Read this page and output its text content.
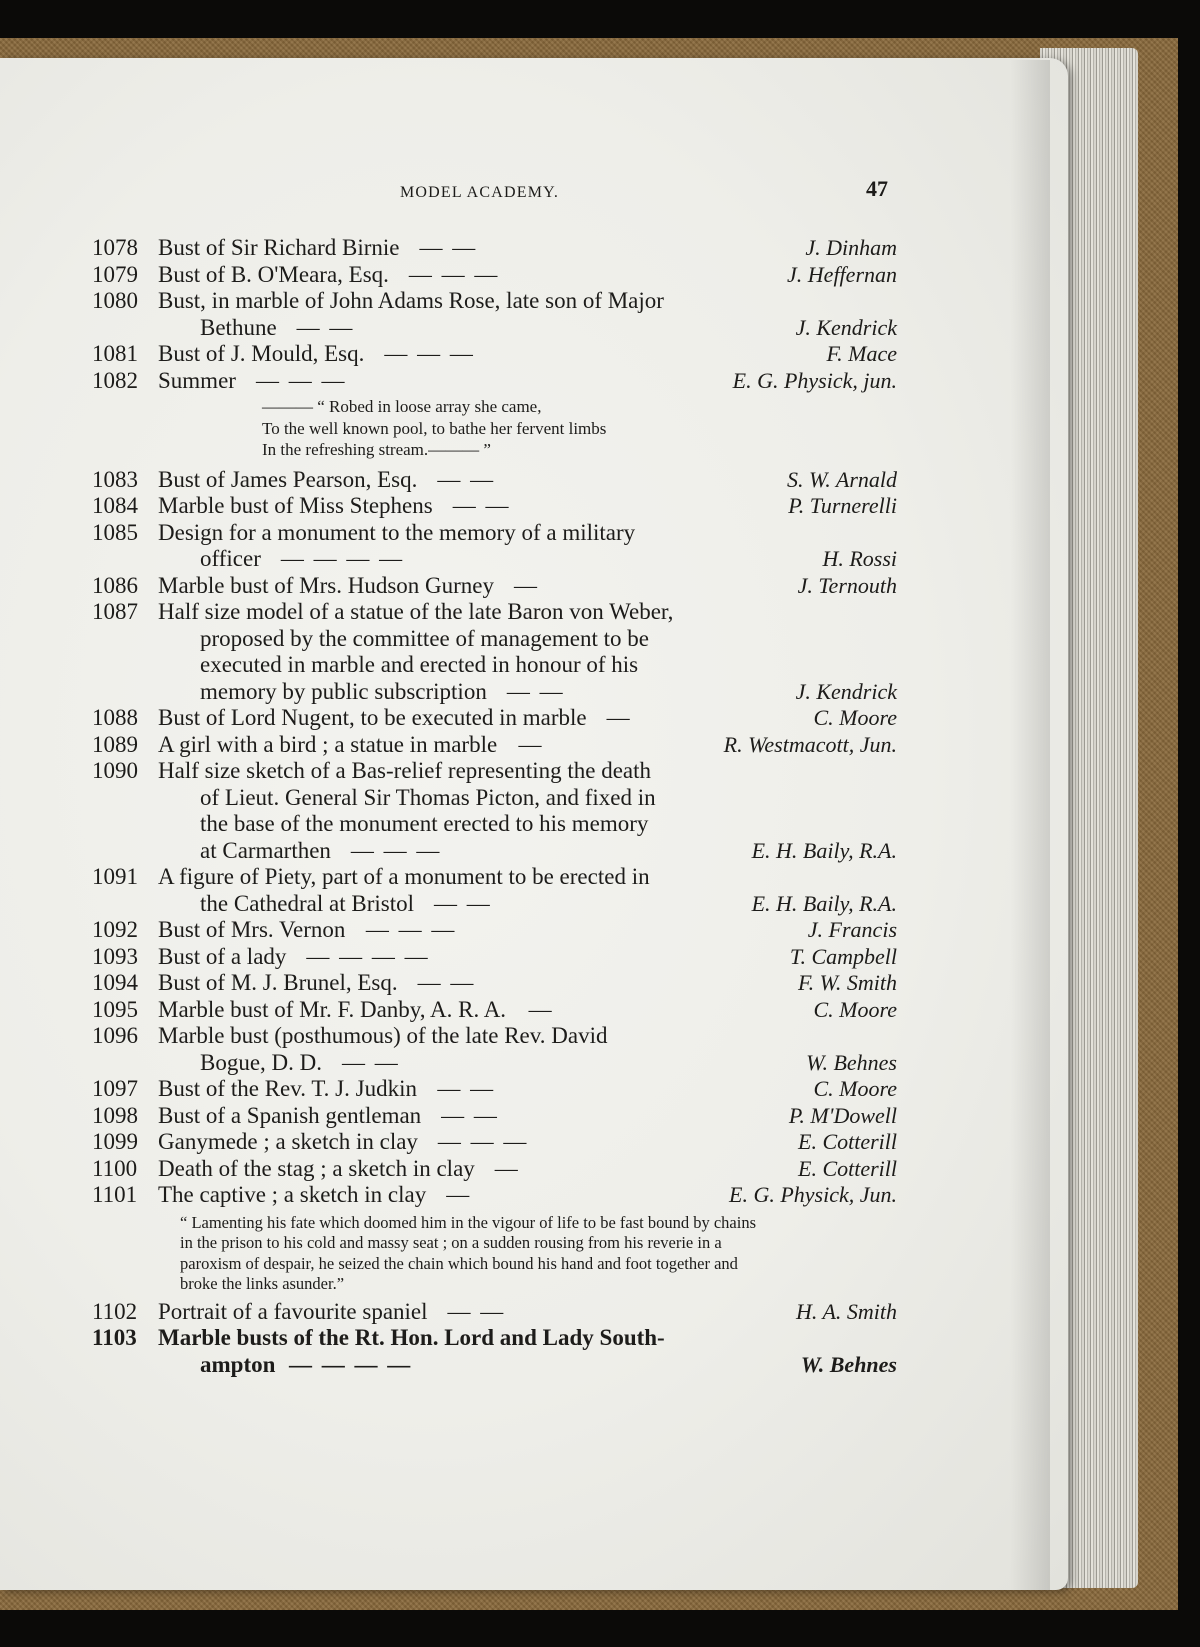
MODEL ACADEMY.	47
1078 Bust of Sir Richard Birnie — —	J. Dinham
1079 Bust of B. O'Meara, Esq. — — —	J. Heffernan
1080 Bust, in marble of John Adams Rose, late son of Major
Bethune — —	J. Kendrick
1081 Bust of J. Mould, Esq. — — —	F. Mace
1082 Summer — — —	E. G. Physick, jun.
——— “ Robed in loose array she came,
To the well known pool, to bathe her fervent limbs
In the refreshing stream.——— ”
1083 Bust of James Pearson, Esq. — —	S. W. Arnald
1084 Marble bust of Miss Stephens — —	P. Turnerelli
1085 Design for a monument to the memory of a military
officer — — — —	H. Rossi
1086 Marble bust of Mrs. Hudson Gurney —	J. Ternouth
1087 Half size model of a statue of the late Baron von Weber,
proposed by the committee of management to be
executed in marble and erected in honour of his
memory by public subscription — —	J. Kendrick
1088 Bust of Lord Nugent, to be executed in marble —	C. Moore
1089 A girl with a bird ; a statue in marble —	R. Westmacott, Jun.
1090 Half size sketch of a Bas-relief representing the death
of Lieut. General Sir Thomas Picton, and fixed in
the base of the monument erected to his memory
at Carmarthen — — —	E. H. Baily, R.A.
1091 A figure of Piety, part of a monument to be erected in
the Cathedral at Bristol — —	E. H. Baily, R.A.
1092 Bust of Mrs. Vernon — — —	J. Francis
1093 Bust of a lady — — — —	T. Campbell
1094 Bust of M. J. Brunel, Esq. — —	F. W. Smith
1095 Marble bust of Mr. F. Danby, A. R. A. —	C. Moore
1096 Marble bust (posthumous) of the late Rev. David
Bogue, D. D. — —	W. Behnes
1097 Bust of the Rev. T. J. Judkin — —	C. Moore
1098 Bust of a Spanish gentleman — —	P. M'Dowell
1099 Ganymede ; a sketch in clay — — —	E. Cotterill
1100 Death of the stag ; a sketch in clay —	E. Cotterill
1101 The captive ; a sketch in clay —	E. G. Physick, Jun.
“ Lamenting his fate which doomed him in the vigour of life to be fast bound by chains in the prison to his cold and massy seat ; on a sudden rousing from his reverie in a paroxism of despair, he seized the chain which bound his hand and foot together and broke the links asunder.”
1102 Portrait of a favourite spaniel — —	H. A. Smith
1103 Marble busts of the Rt. Hon. Lord and Lady South-
ampton — — — —	W. Behnes
